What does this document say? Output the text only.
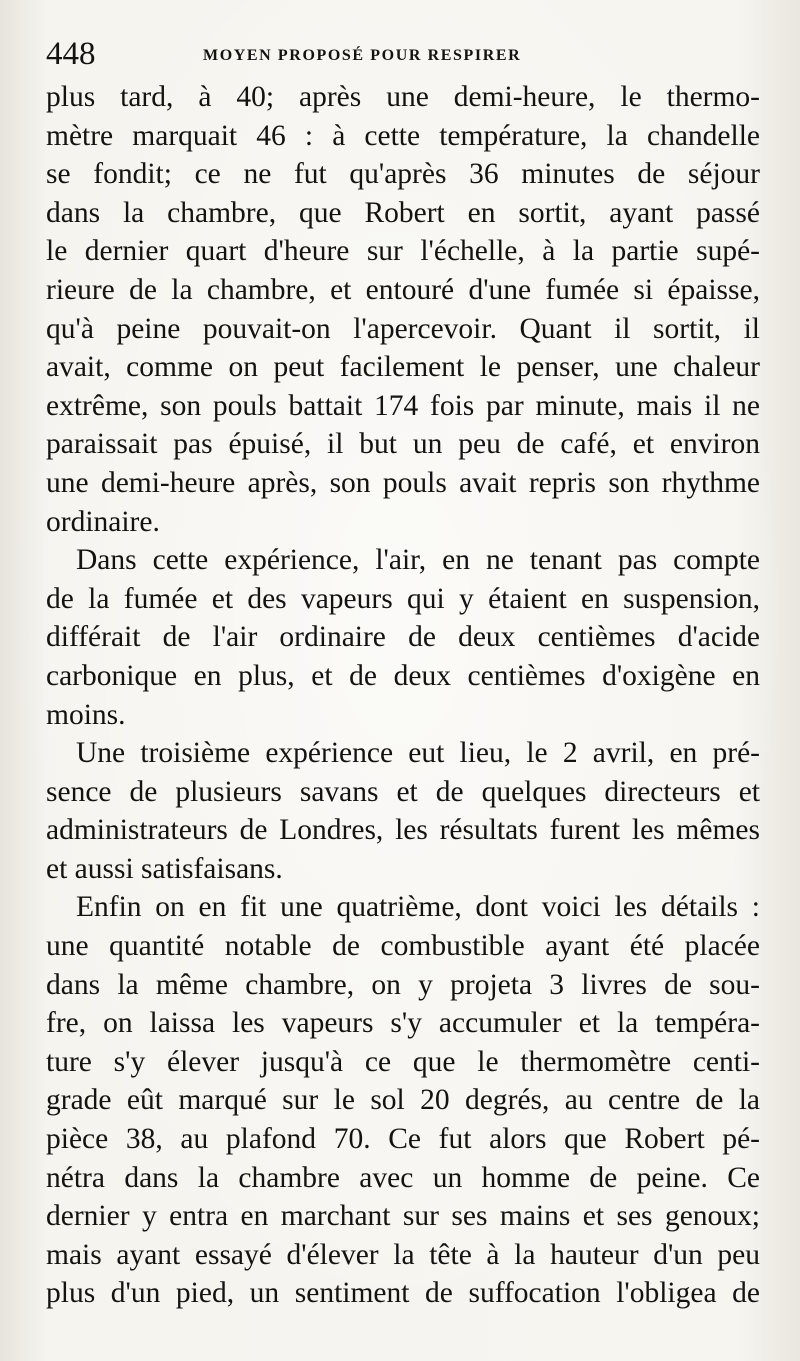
448	MOYEN PROPOSÉ POUR RESPIRER
plus tard, à 40; après une demi-heure, le thermo-
mètre marquait 46 : à cette température, la chandelle
se fondit; ce ne fut qu'après 36 minutes de séjour
dans la chambre, que Robert en sortit, ayant passé
le dernier quart d'heure sur l'échelle, à la partie supé-
rieure de la chambre, et entouré d'une fumée si épaisse,
qu'à peine pouvait-on l'apercevoir. Quant il sortit, il
avait, comme on peut facilement le penser, une chaleur
extrême, son pouls battait 174 fois par minute, mais il ne
paraissait pas épuisé, il but un peu de café, et environ
une demi-heure après, son pouls avait repris son rhythme
ordinaire.
Dans cette expérience, l'air, en ne tenant pas compte
de la fumée et des vapeurs qui y étaient en suspension,
différait de l'air ordinaire de deux centièmes d'acide
carbonique en plus, et de deux centièmes d'oxigène en
moins.
Une troisième expérience eut lieu, le 2 avril, en pré-
sence de plusieurs savans et de quelques directeurs et
administrateurs de Londres, les résultats furent les mêmes
et aussi satisfaisans.
Enfin on en fit une quatrième, dont voici les détails :
une quantité notable de combustible ayant été placée
dans la même chambre, on y projeta 3 livres de sou-
fre, on laissa les vapeurs s'y accumuler et la tempéra-
ture s'y élever jusqu'à ce que le thermomètre centi-
grade eût marqué sur le sol 20 degrés, au centre de la
pièce 38, au plafond 70. Ce fut alors que Robert pé-
nétra dans la chambre avec un homme de peine. Ce
dernier y entra en marchant sur ses mains et ses genoux;
mais ayant essayé d'élever la tête à la hauteur d'un peu
plus d'un pied, un sentiment de suffocation l'obligea de
